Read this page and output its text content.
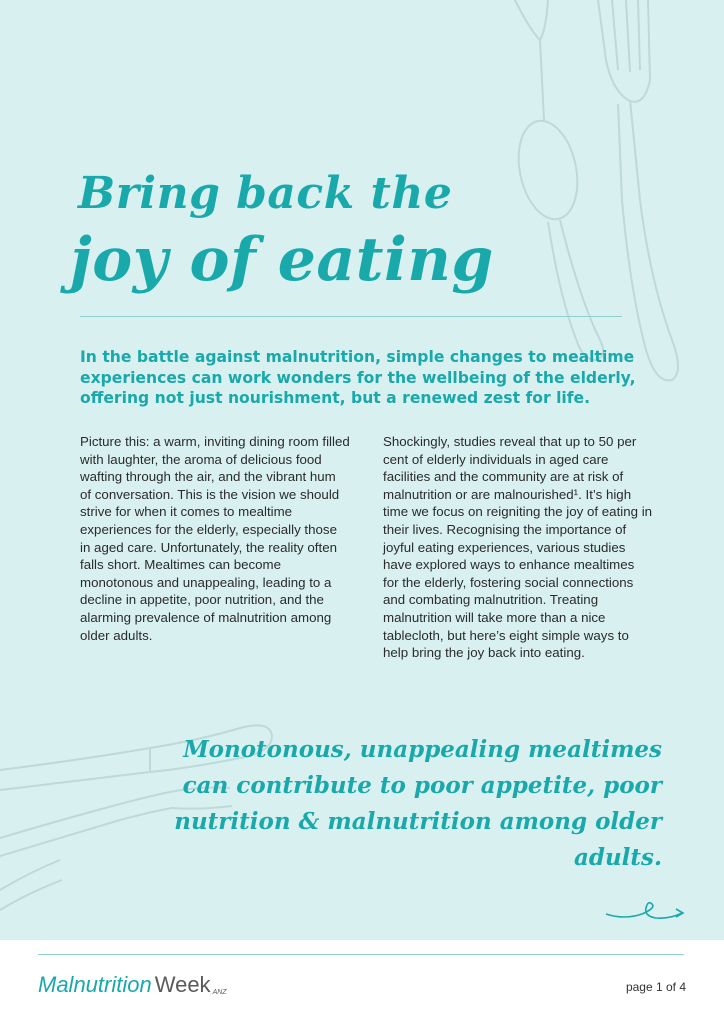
Bring back the
joy of eating

In the battle against malnutrition, simple changes to mealtime experiences can work wonders for the wellbeing of the elderly, offering not just nourishment, but a renewed zest for life.

Picture this: a warm, inviting dining room filled with laughter, the aroma of delicious food wafting through the air, and the vibrant hum of conversation. This is the vision we should strive for when it comes to mealtime experiences for the elderly, especially those in aged care. Unfortunately, the reality often falls short. Mealtimes can become monotonous and unappealing, leading to a decline in appetite, poor nutrition, and the alarming prevalence of malnutrition among older adults.

Shockingly, studies reveal that up to 50 per cent of elderly individuals in aged care facilities and the community are at risk of malnutrition or are malnourished¹. It’s high time we focus on reigniting the joy of eating in their lives. Recognising the importance of joyful eating experiences, various studies have explored ways to enhance mealtimes for the elderly, fostering social connections and combating malnutrition. Treating malnutrition will take more than a nice tablecloth, but here’s eight simple ways to help bring the joy back into eating.

Monotonous, unappealing mealtimes can contribute to poor appetite, poor nutrition & malnutrition among older adults.

Malnutrition Week ANZ	page 1 of 4
